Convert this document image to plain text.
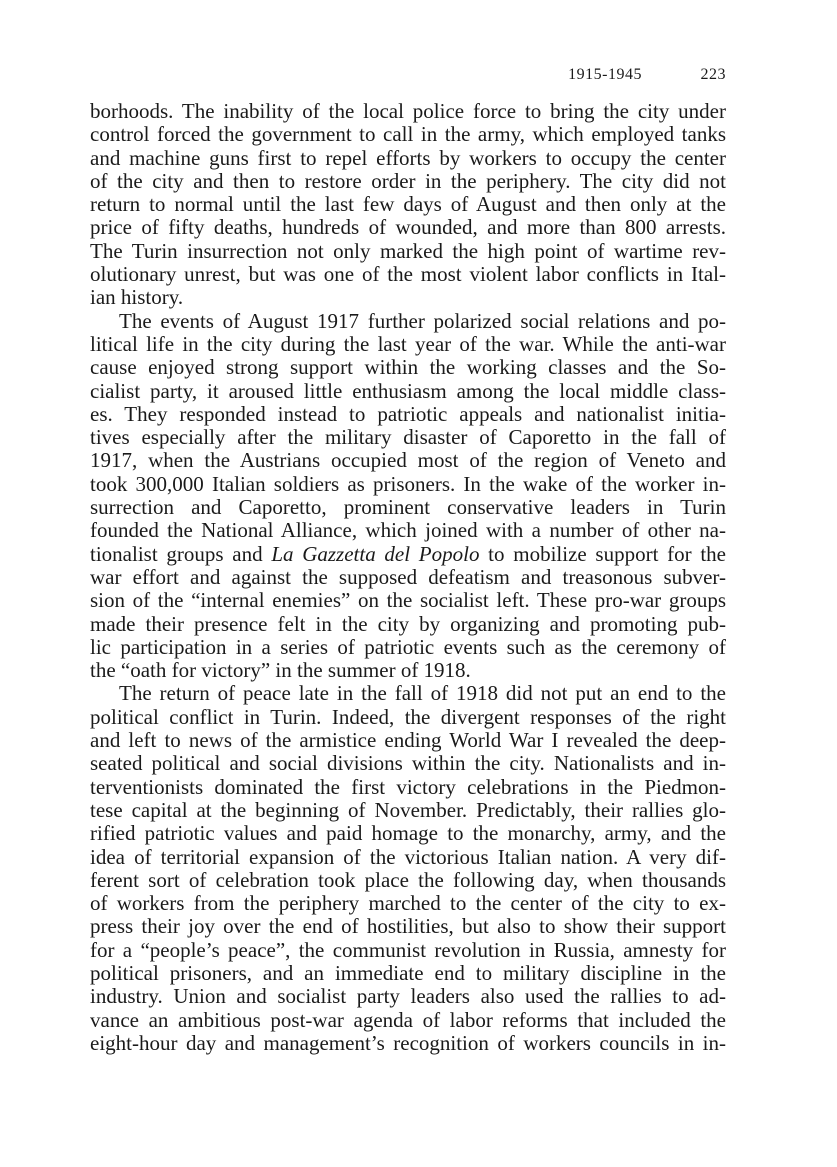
1915-1945	223
borhoods. The inability of the local police force to bring the city under
control forced the government to call in the army, which employed tanks
and machine guns first to repel efforts by workers to occupy the center
of the city and then to restore order in the periphery. The city did not
return to normal until the last few days of August and then only at the
price of fifty deaths, hundreds of wounded, and more than 800 arrests.
The Turin insurrection not only marked the high point of wartime rev-
olutionary unrest, but was one of the most violent labor conflicts in Ital-
ian history.
The events of August 1917 further polarized social relations and po-
litical life in the city during the last year of the war. While the anti-war
cause enjoyed strong support within the working classes and the So-
cialist party, it aroused little enthusiasm among the local middle class-
es. They responded instead to patriotic appeals and nationalist initia-
tives especially after the military disaster of Caporetto in the fall of
1917, when the Austrians occupied most of the region of Veneto and
took 300,000 Italian soldiers as prisoners. In the wake of the worker in-
surrection and Caporetto, prominent conservative leaders in Turin
founded the National Alliance, which joined with a number of other na-
tionalist groups and La Gazzetta del Popolo to mobilize support for the
war effort and against the supposed defeatism and treasonous subver-
sion of the “internal enemies” on the socialist left. These pro-war groups
made their presence felt in the city by organizing and promoting pub-
lic participation in a series of patriotic events such as the ceremony of
the “oath for victory” in the summer of 1918.
The return of peace late in the fall of 1918 did not put an end to the
political conflict in Turin. Indeed, the divergent responses of the right
and left to news of the armistice ending World War I revealed the deep-
seated political and social divisions within the city. Nationalists and in-
terventionists dominated the first victory celebrations in the Piedmon-
tese capital at the beginning of November. Predictably, their rallies glo-
rified patriotic values and paid homage to the monarchy, army, and the
idea of territorial expansion of the victorious Italian nation. A very dif-
ferent sort of celebration took place the following day, when thousands
of workers from the periphery marched to the center of the city to ex-
press their joy over the end of hostilities, but also to show their support
for a “people’s peace”, the communist revolution in Russia, amnesty for
political prisoners, and an immediate end to military discipline in the
industry. Union and socialist party leaders also used the rallies to ad-
vance an ambitious post-war agenda of labor reforms that included the
eight-hour day and management’s recognition of workers councils in in-
